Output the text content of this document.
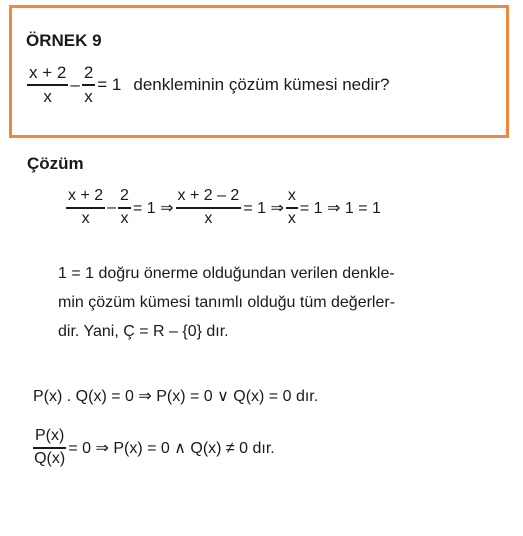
ÖRNEK 9
$\frac{x + 2}{x} - \frac{2}{x} = 1$ denkleminin çözüm kümesi nedir?
Çözüm
$\frac{x + 2}{x} - \frac{2}{x} = 1$ ⇒ $\frac{x + 2 - 2}{x} = 1$ ⇒ $\frac{x}{x} = 1$ ⇒ 1 = 1
1 = 1 doğru önerme olduğundan verilen denkle-
min çözüm kümesi tanımlı olduğu tüm değerler-
dir. Yani, Ç = R – {0} dır.
P(x) . Q(x) = 0 ⇒ P(x) = 0 ∨ Q(x) = 0 dır.
$\frac{P(x)}{Q(x)} = 0$ ⇒ P(x) = 0 ∧ Q(x) ≠ 0 dır.
